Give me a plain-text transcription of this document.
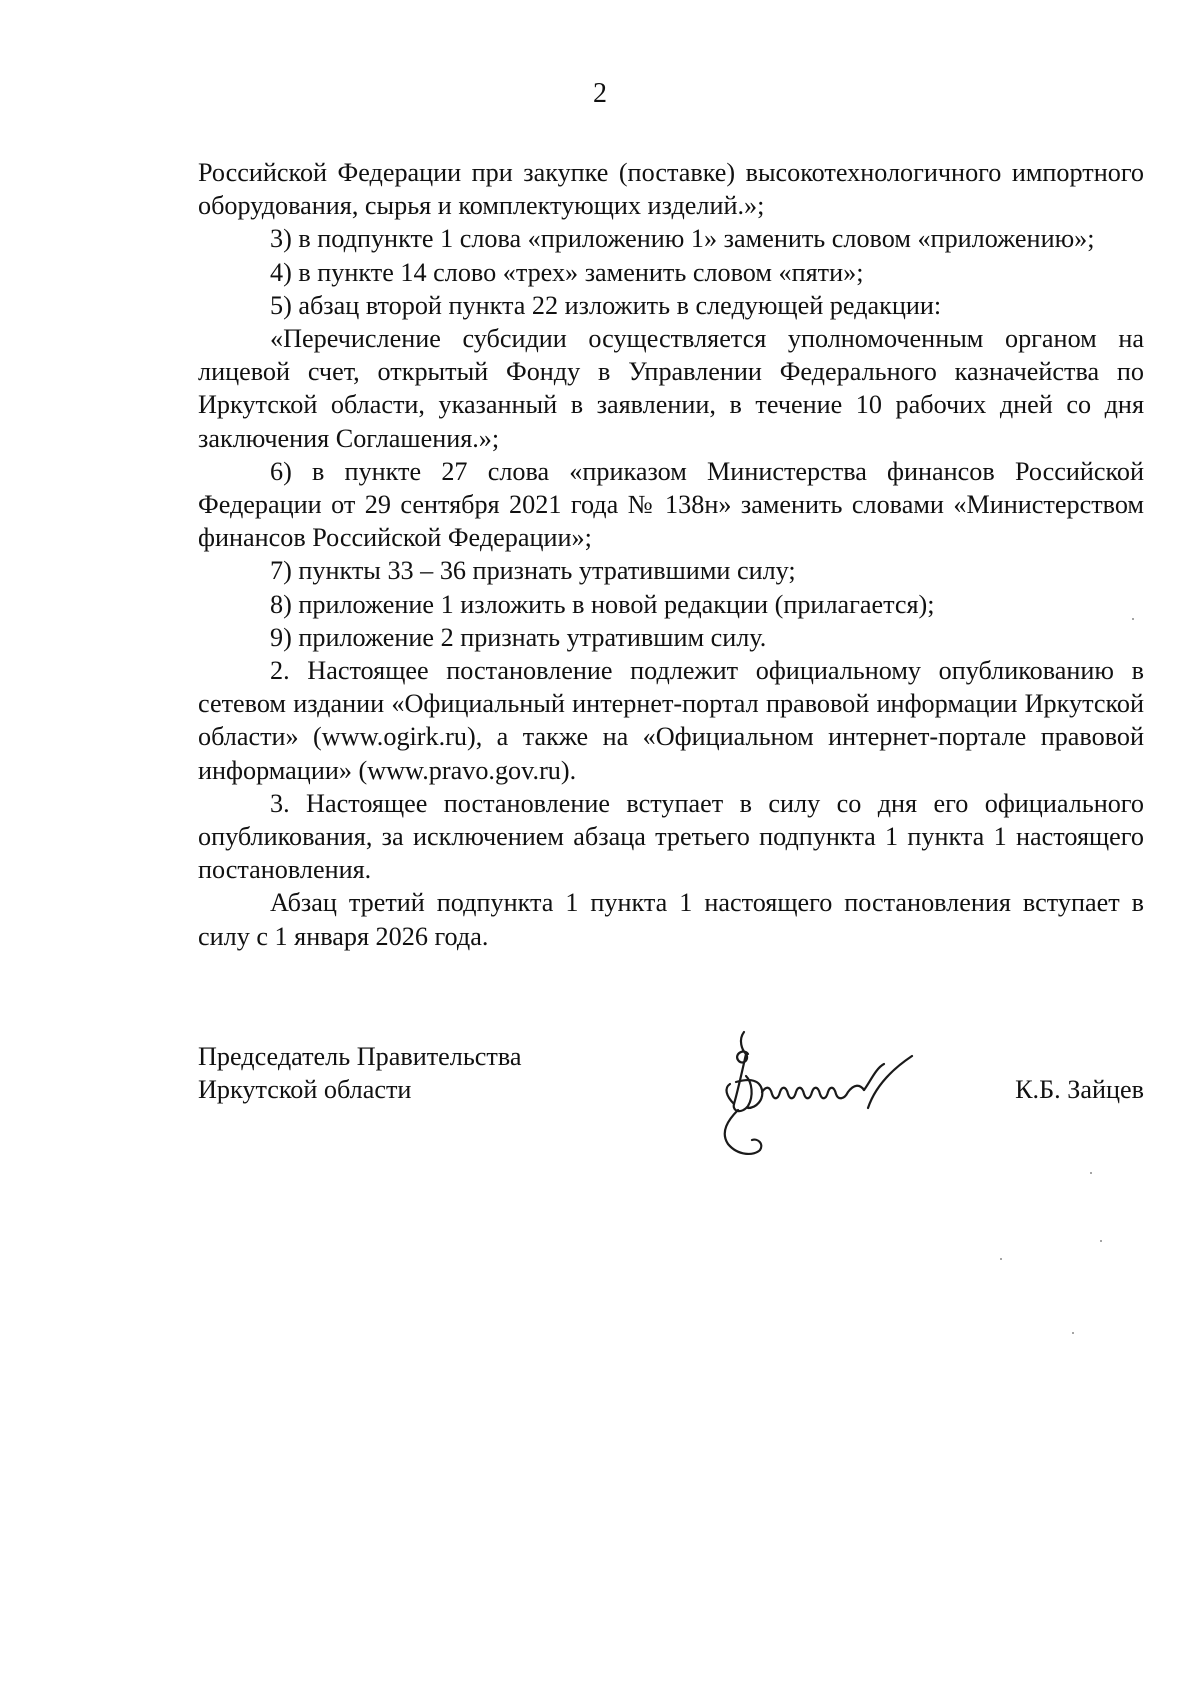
2

Российской Федерации при закупке (поставке) высокотехнологичного импортного оборудования, сырья и комплектующих изделий.»;

3) в подпункте 1 слова «приложению 1» заменить словом «приложению»;

4) в пункте 14 слово «трех» заменить словом «пяти»;

5) абзац второй пункта 22 изложить в следующей редакции:

«Перечисление субсидии осуществляется уполномоченным органом на лицевой счет, открытый Фонду в Управлении Федерального казначейства по Иркутской области, указанный в заявлении, в течение 10 рабочих дней со дня заключения Соглашения.»;

6) в пункте 27 слова «приказом Министерства финансов Российской Федерации от 29 сентября 2021 года № 138н» заменить словами «Министерством финансов Российской Федерации»;

7) пункты 33 – 36 признать утратившими силу;

8) приложение 1 изложить в новой редакции (прилагается);

9) приложение 2 признать утратившим силу.

2. Настоящее постановление подлежит официальному опубликованию в сетевом издании «Официальный интернет-портал правовой информации Иркутской области» (www.ogirk.ru), а также на «Официальном интернет-портале правовой информации» (www.pravo.gov.ru).

3. Настоящее постановление вступает в силу со дня его официального опубликования, за исключением абзаца третьего подпункта 1 пункта 1 настоящего постановления.

Абзац третий подпункта 1 пункта 1 настоящего постановления вступает в силу с 1 января 2026 года.

Председатель Правительства
Иркутской области	К.Б. Зайцев
